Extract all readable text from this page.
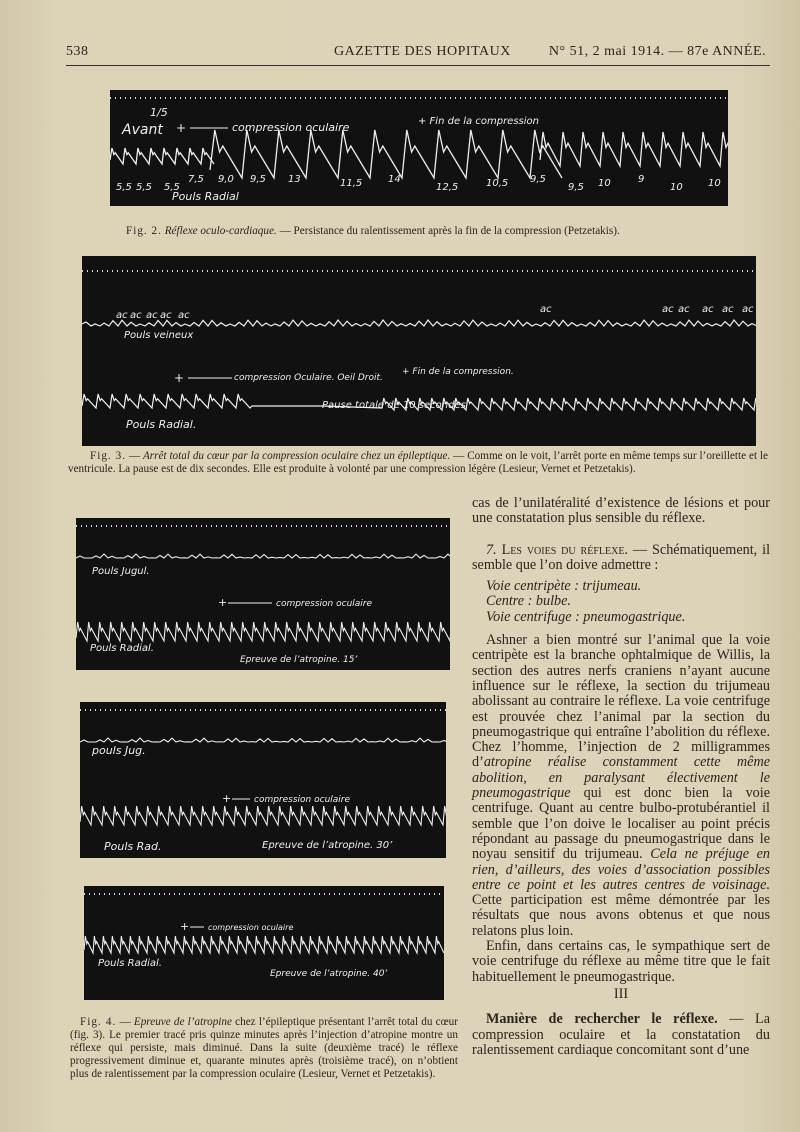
538	GAZETTE DES HOPITAUX	N° 51, 2 mai 1914. — 87e ANNÉE.
1/5
Avant +	compression oculaire	+ Fin de la compression
Pouls Radial
5,5 5,5 5,5
7,5 9,0 9,5 13	11,5	14
12,5	10,5 9,5
9,5 10	9
10	10
Fig. 2. Réflexe oculo-cardiaque. — Persistance du ralentissement après la fin de la compression (Petzetakis).
ac ac ac ac ac
ac	ac ac ac ac ac
Pouls veineux
+	compression Oculaire. Oeil Droit.
+ Fin de la compression.
Pause totale de 10 secondes
Pouls Radial.
Fig. 3. — Arrêt total du cœur par la compression oculaire chez un épileptique. — Comme on le voit, l’arrêt porte en même temps sur l’oreillette et le ventricule. La pause est de dix secondes. Elle est produite à volonté par une compression légère (Lesieur, Vernet et Petzetakis).
Pouls Jugul.
+	compression oculaire
Pouls Radial.
Epreuve de l’atropine. 15’
pouls Jug.
+	compression oculaire
Pouls Rad.	Epreuve de l’atropine. 30’
+ compression oculaire
Pouls Radial.
Epreuve de l’atropine. 40’
Fig. 4. — Epreuve de l’atropine chez l’épileptique présentant l’arrêt total du cœur (fig. 3). Le premier tracé pris quinze minutes après l’injection d’atropine montre un réflexe qui persiste, mais diminué. Dans la suite (deuxième tracé) le réflexe progressivement diminue et, quarante minutes après (troisième tracé), on n’obtient plus de ralentissement par la compression oculaire (Lesieur, Vernet et Petzetakis).

cas de l’unilatéralité d’existence de lésions et pour une constatation plus sensible du réflexe.

7. Les voies du réflexe. — Schématiquement, il semble que l’on doive admettre :

Voie centripète : trijumeau.

Centre : bulbe.

Voie centrifuge : pneumogastrique.

Ashner a bien montré sur l’animal que la voie centripète est la branche ophtalmique de Willis, la section des autres nerfs craniens n’ayant aucune influence sur le réflexe, la section du trijumeau abolissant au contraire le réflexe. La voie centrifuge est prouvée chez l’animal par la section du pneumogastrique qui entraîne l’abolition du réflexe. Chez l’homme, l’injection de 2 milligrammes d’atropine réalise constamment cette même abolition, en paralysant électivement le pneumogastrique qui est donc bien la voie centrifuge. Quant au centre bulbo-protubérantiel il semble que l’on doive le localiser au point précis répondant au passage du pneumogastrique dans le noyau sensitif du trijumeau. Cela ne préjuge en rien, d’ailleurs, des voies d’association possibles entre ce point et les autres centres de voisinage. Cette participation est même démontrée par les résultats que nous avons obtenus et que nous relatons plus loin.

Enfin, dans certains cas, le sympathique sert de voie centrifuge du réflexe au même titre que le fait habituellement le pneumogastrique.

III

Manière de rechercher le réflexe. — La compression oculaire et la constatation du ralentissement cardiaque concomitant sont d’une
